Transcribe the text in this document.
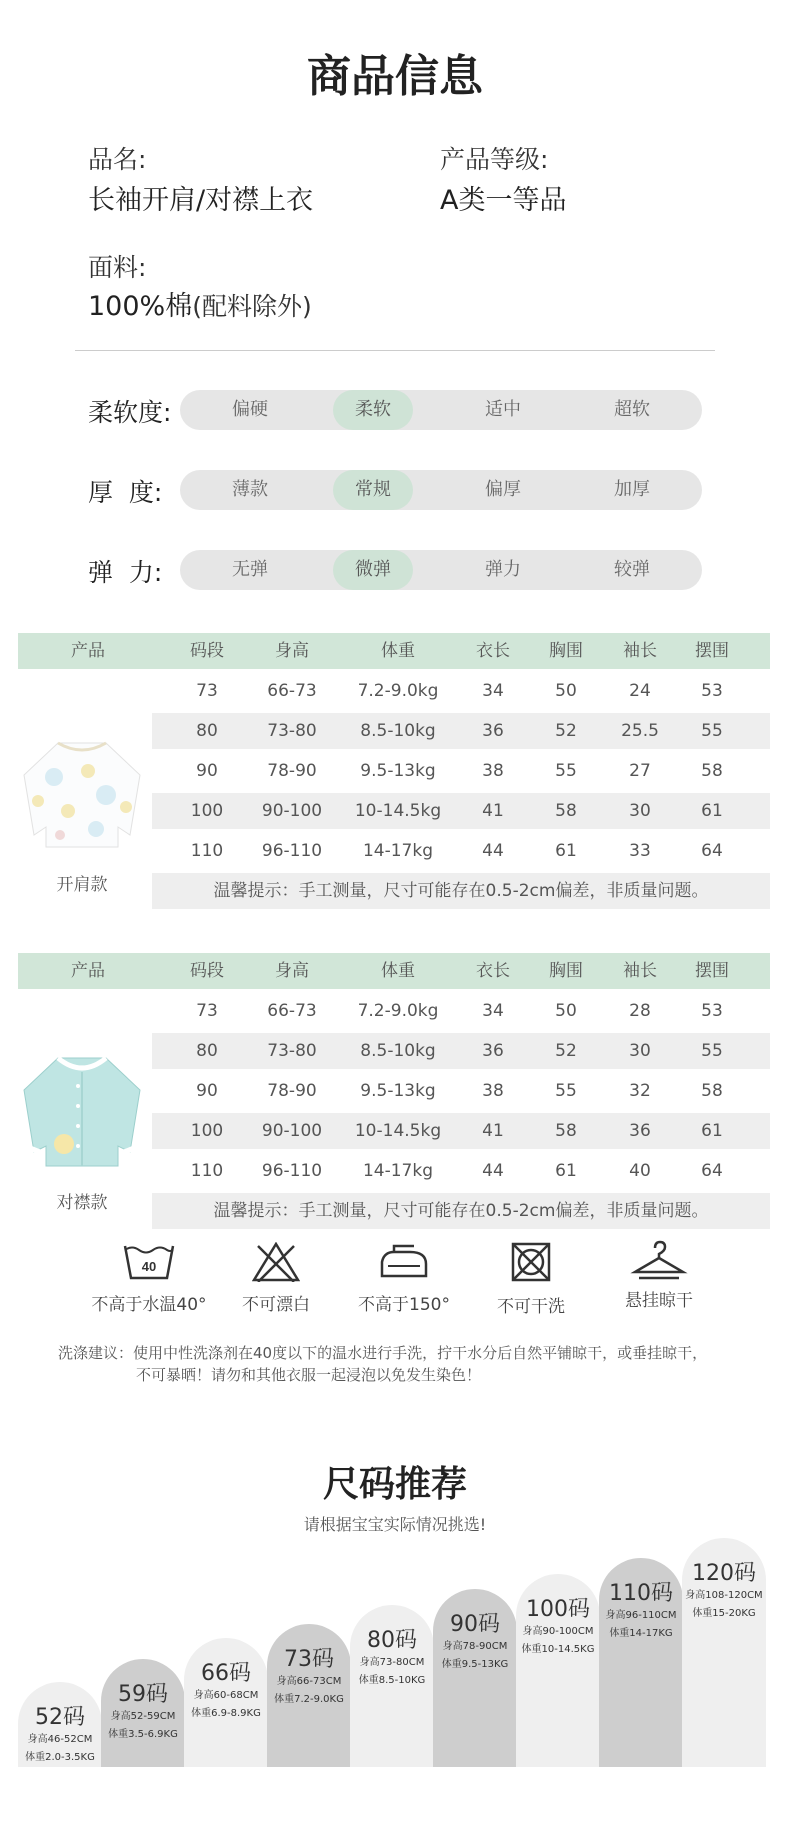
商品信息
品名:
长袖开肩/对襟上衣
产品等级:
A类一等品
面料:
100%棉(配料除外)
柔软度:	偏硬	柔软	适中	超软
厚  度:	薄款	常规	偏厚	加厚
弹  力:	无弹	微弹	弹力	较弹
产品	码段	身高	体重	衣长	胸围	袖长	摆围
73	66-73	7.2-9.0kg	34	50	24	53
80	73-80	8.5-10kg	36	52	25.5	55
90	78-90	9.5-13kg	38	55	27	58
100	90-100	10-14.5kg	41	58	30	61
110	96-110	14-17kg	44	61	33	64
温馨提示：手工测量，尺寸可能存在0.5-2cm偏差，非质量问题。
开肩款
产品	码段	身高	体重	衣长	胸围	袖长	摆围
73	66-73	7.2-9.0kg	34	50	28	53
80	73-80	8.5-10kg	36	52	30	55
90	78-90	9.5-13kg	38	55	32	58
100	90-100	10-14.5kg	41	58	36	61
110	96-110	14-17kg	44	61	40	64
温馨提示：手工测量，尺寸可能存在0.5-2cm偏差，非质量问题。
对襟款
40
不高于水温40°	不可漂白	不高于150°	不可干洗	悬挂晾干
洗涤建议：使用中性洗涤剂在40度以下的温水进行手洗，拧干水分后自然平铺晾干，或垂挂晾干，
不可暴晒！请勿和其他衣服一起浸泡以免发生染色！
尺码推荐
请根据宝宝实际情况挑选!
52码
身高46-52CM
体重2.0-3.5KG
59码
身高52-59CM
体重3.5-6.9KG
66码
身高60-68CM
体重6.9-8.9KG
73码
身高66-73CM
体重7.2-9.0KG
80码
身高73-80CM
体重8.5-10KG
90码
身高78-90CM
体重9.5-13KG
100码
身高90-100CM
体重10-14.5KG
110码
身高96-110CM
体重14-17KG
120码
身高108-120CM
体重15-20KG
